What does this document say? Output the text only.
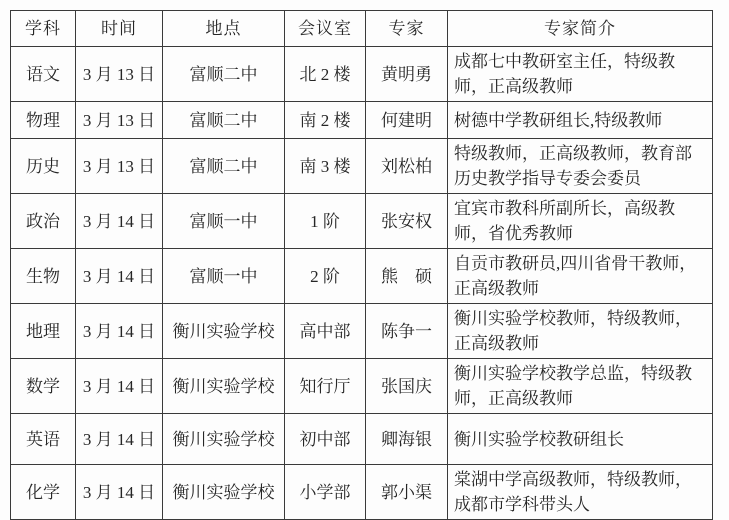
学科	时间	地点	会议室	专家	专家简介
语文	3 月 13 日	富顺二中	北 2 楼	黄明勇	成都七中教研室主任，特级教师，正高级教师
物理	3 月 13 日	富顺二中	南 2 楼	何建明	树德中学教研组长,特级教师
历史	3 月 13 日	富顺二中	南 3 楼	刘松柏	特级教师，正高级教师，教育部历史教学指导专委会委员
政治	3 月 14 日	富顺一中	1 阶	张安权	宜宾市教科所副所长，高级教师，省优秀教师
生物	3 月 14 日	富顺一中	2 阶	熊　硕	自贡市教研员,四川省骨干教师，正高级教师
地理	3 月 14 日	衡川实验学校	高中部	陈争一	衡川实验学校教师，特级教师，正高级教师
数学	3 月 14 日	衡川实验学校	知行厅	张国庆	衡川实验学校教学总监，特级教师，正高级教师
英语	3 月 14 日	衡川实验学校	初中部	卿海银	衡川实验学校教研组长
化学	3 月 14 日	衡川实验学校	小学部	郭小渠	棠湖中学高级教师，特级教师，成都市学科带头人
